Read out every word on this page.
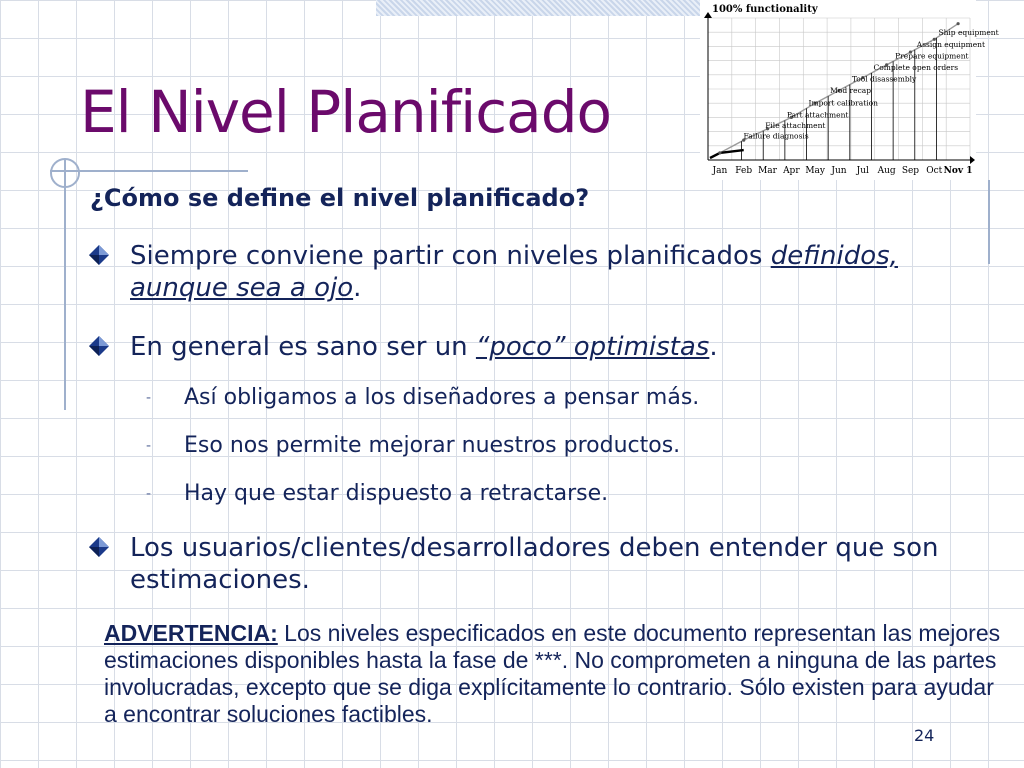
El Nivel Planificado
¿Cómo se define el nivel planificado?
Siempre conviene partir con niveles planificados definidos, aunque sea a ojo.
En general es sano ser un “poco” optimistas.
- Así obligamos a los diseñadores a pensar más.
- Eso nos permite mejorar nuestros productos.
- Hay que estar dispuesto a retractarse.
Los usuarios/clientes/desarrolladores deben entender que son estimaciones.
ADVERTENCIA: Los niveles especificados en este documento representan las mejores estimaciones disponibles hasta la fase de ***. No comprometen a ninguna de las partes involucradas, excepto que se diga explícitamente lo contrario. Sólo existen para ayudar a encontrar soluciones factibles.
24
100% functionality
Jan Feb Mar Apr May Jun Jul Aug Sep Oct Nov 1
Failure diagnosis
File attachment
Part attachment
Import calibration
Mod recap
Tool disassembly
Complete open orders
Prepare equipment
Assign equipment
Ship equipment
